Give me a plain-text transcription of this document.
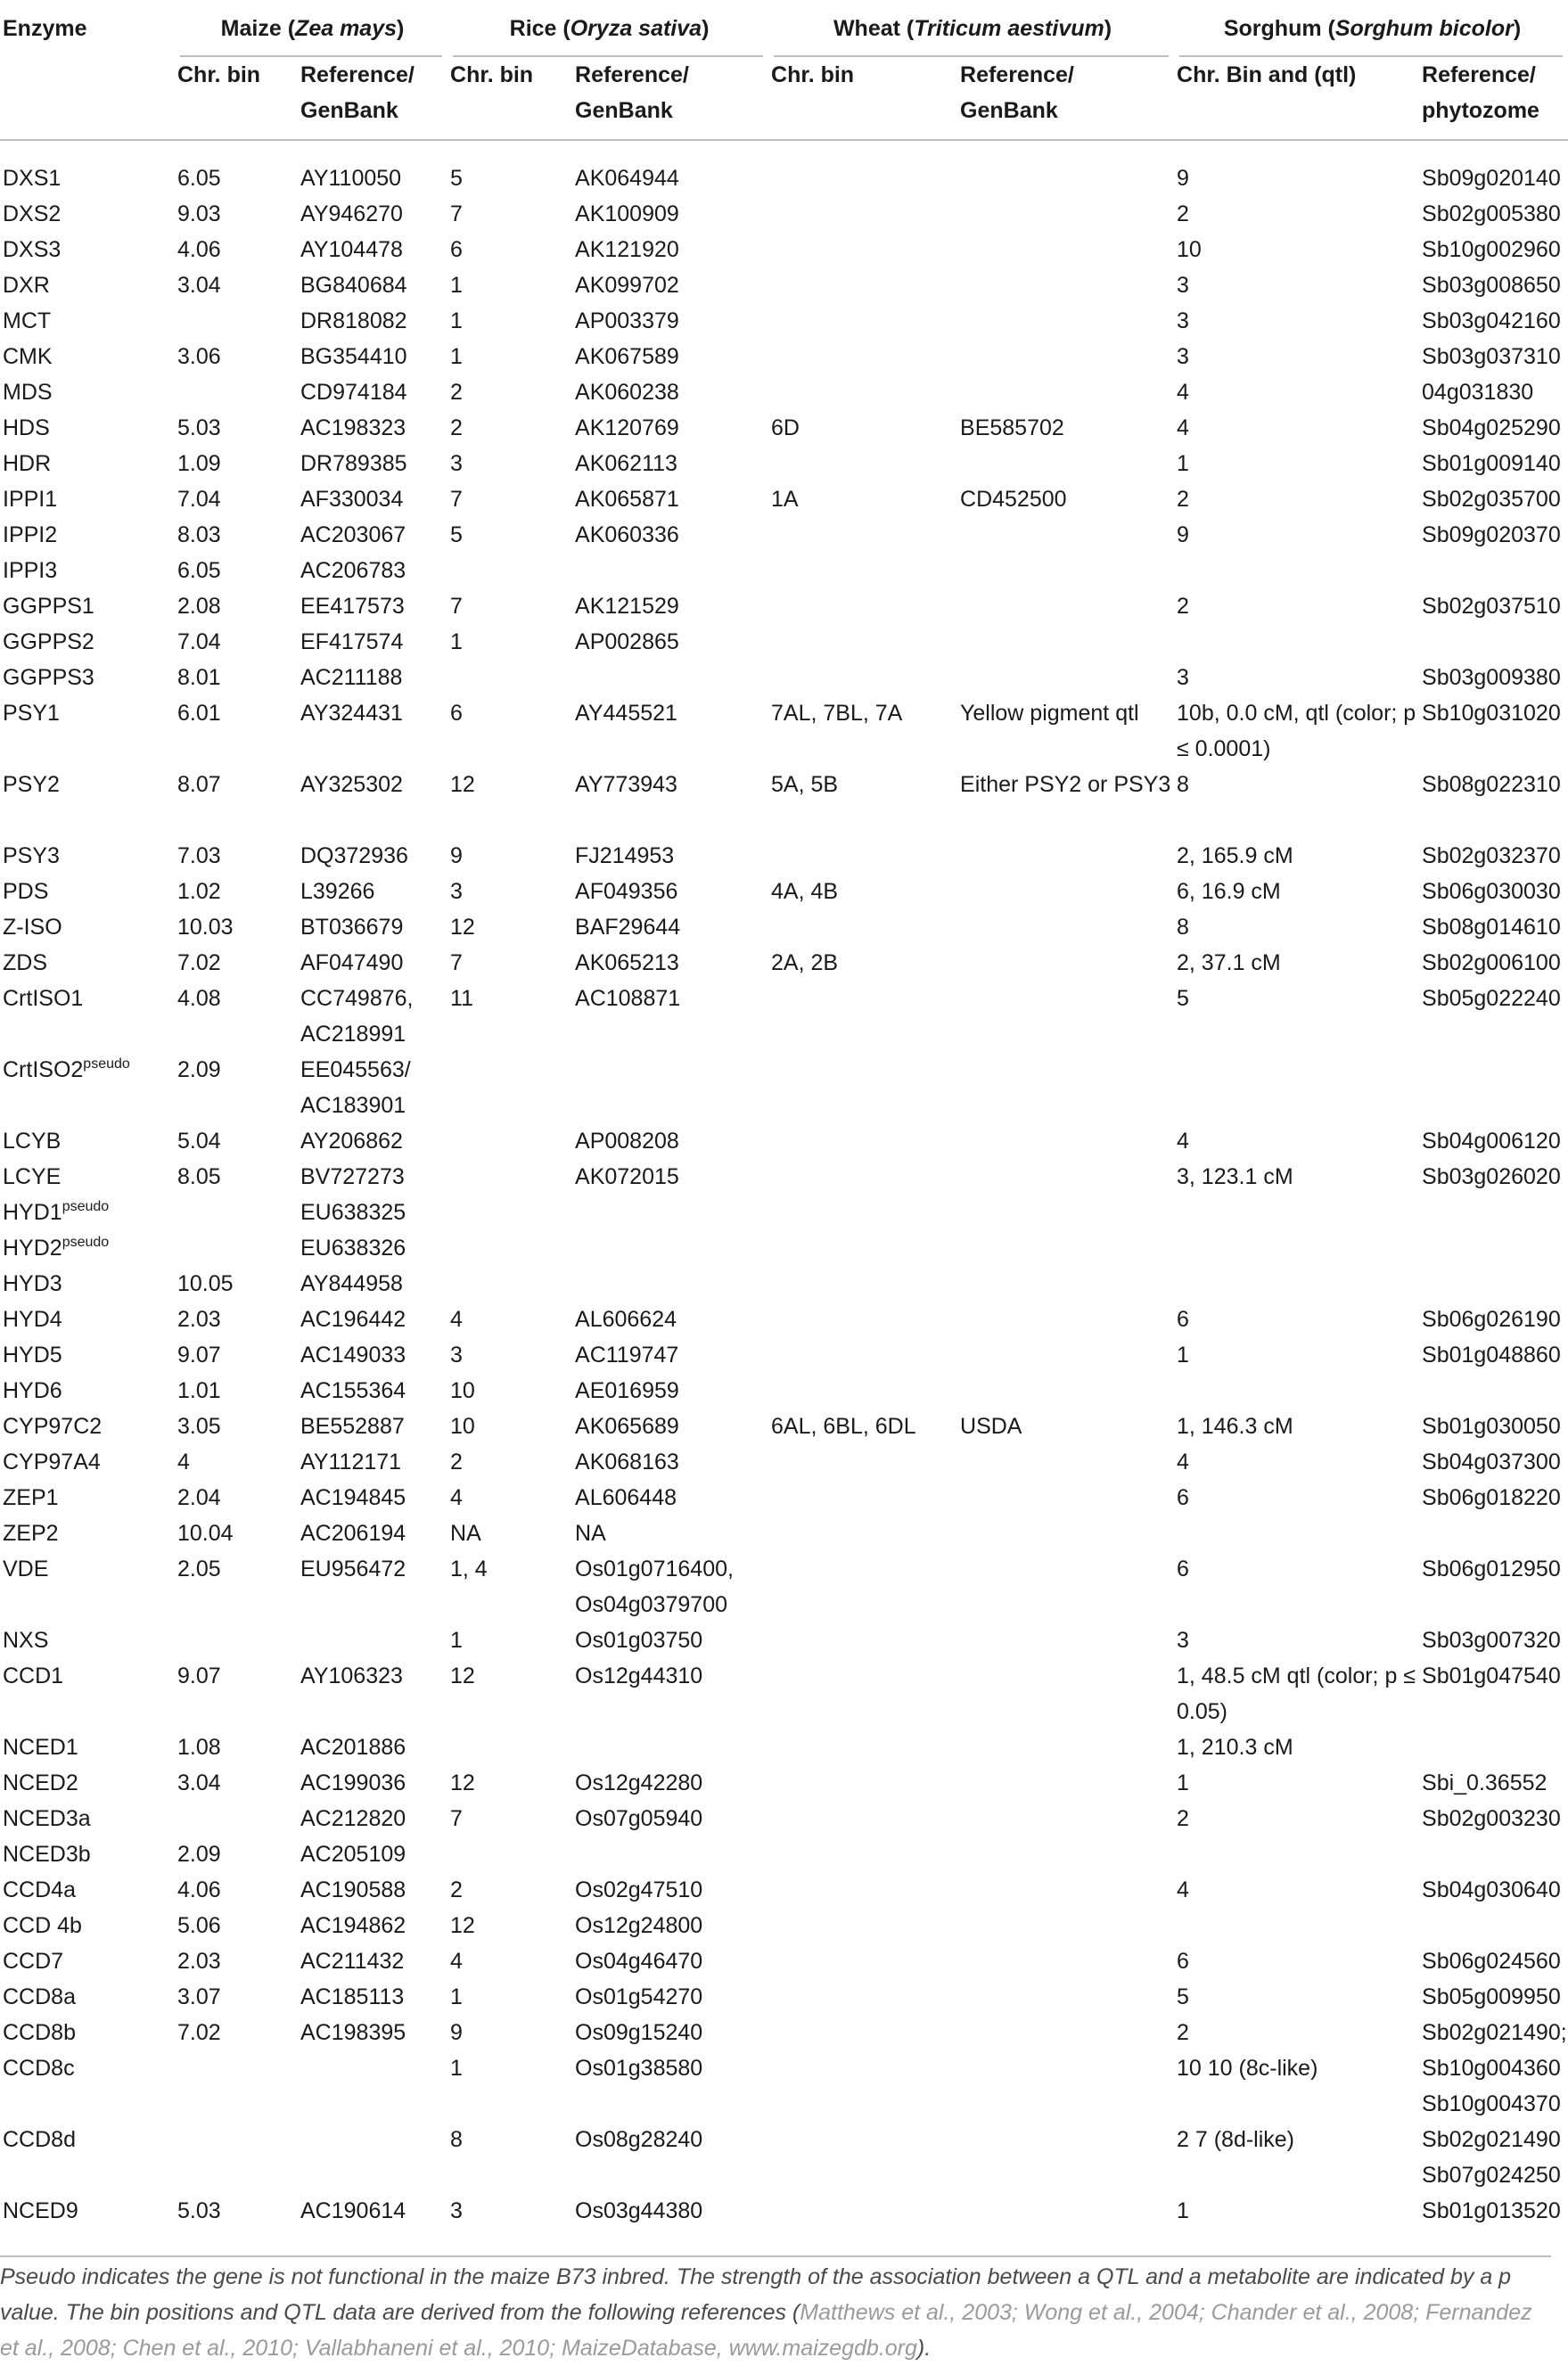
Enzyme	Maize (Zea mays)		Rice (Oryza sativa)		Wheat (Triticum aestivum)		Sorghum (Sorghum bicolor)	

	Chr. bin	Reference/ GenBank	Chr. bin	Reference/ GenBank	Chr. bin	Reference/ GenBank	Chr. Bin and (qtl)	Reference/ phytozome

DXS1	6.05	AY110050	5	AK064944			9	Sb09g020140
DXS2	9.03	AY946270	7	AK100909			2	Sb02g005380
DXS3	4.06	AY104478	6	AK121920			10	Sb10g002960
DXR	3.04	BG840684	1	AK099702			3	Sb03g008650
MCT		DR818082	1	AP003379			3	Sb03g042160
CMK	3.06	BG354410	1	AK067589			3	Sb03g037310
MDS		CD974184	2	AK060238			4	04g031830
HDS	5.03	AC198323	2	AK120769	6D	BE585702	4	Sb04g025290
HDR	1.09	DR789385	3	AK062113			1	Sb01g009140
IPPI1	7.04	AF330034	7	AK065871	1A	CD452500	2	Sb02g035700
IPPI2	8.03	AC203067	5	AK060336			9	Sb09g020370
IPPI3	6.05	AC206783						
GGPPS1	2.08	EE417573	7	AK121529			2	Sb02g037510
GGPPS2	7.04	EF417574	1	AP002865				
GGPPS3	8.01	AC211188					3	Sb03g009380
PSY1	6.01	AY324431	6	AY445521	7AL, 7BL, 7A	Yellow pigment qtl	10b, 0.0 cM, qtl (color; p ≤ 0.0001)	Sb10g031020
PSY2	8.07	AY325302	12	AY773943	5A, 5B	Either PSY2 or PSY3	8	Sb08g022310
PSY3	7.03	DQ372936	9	FJ214953			2, 165.9 cM	Sb02g032370
PDS	1.02	L39266	3	AF049356	4A, 4B		6, 16.9 cM	Sb06g030030
Z-ISO	10.03	BT036679	12	BAF29644			8	Sb08g014610
ZDS	7.02	AF047490	7	AK065213	2A, 2B		2, 37.1 cM	Sb02g006100
CrtISO1	4.08	CC749876, AC218991	11	AC108871			5	Sb05g022240
$CrtISO2^{pseudo}$	2.09	EE045563/ AC183901						
LCYB	5.04	AY206862		AP008208			4	Sb04g006120
LCYE	8.05	BV727273		AK072015			3, 123.1 cM	Sb03g026020
$HYD1^{pseudo}$		EU638325						
$HYD2^{pseudo}$		EU638326						
HYD3	10.05	AY844958						
HYD4	2.03	AC196442	4	AL606624			6	Sb06g026190
HYD5	9.07	AC149033	3	AC119747			1	Sb01g048860
HYD6	1.01	AC155364	10	AE016959				
CYP97C2	3.05	BE552887	10	AK065689	6AL, 6BL, 6DL	USDA	1, 146.3 cM	Sb01g030050
CYP97A4	4	AY112171	2	AK068163			4	Sb04g037300
ZEP1	2.04	AC194845	4	AL606448			6	Sb06g018220
ZEP2	10.04	AC206194	NA	NA				
VDE	2.05	EU956472	1, 4	Os01g0716400, Os04g0379700			6	Sb06g012950
NXS			1	Os01g03750			3	Sb03g007320
CCD1	9.07	AY106323	12	Os12g44310			1, 48.5 cM qtl (color; p ≤ 0.05)	Sb01g047540
NCED1	1.08	AC201886					1, 210.3 cM	
NCED2	3.04	AC199036	12	Os12g42280			1	Sbi_0.36552
NCED3a		AC212820	7	Os07g05940			2	Sb02g003230
NCED3b	2.09	AC205109						
CCD4a	4.06	AC190588	2	Os02g47510			4	Sb04g030640
CCD 4b	5.06	AC194862	12	Os12g24800				
CCD7	2.03	AC211432	4	Os04g46470			6	Sb06g024560
CCD8a	3.07	AC185113	1	Os01g54270			5	Sb05g009950
CCD8b	7.02	AC198395	9	Os09g15240			2	Sb02g021490;
CCD8c			1	Os01g38580			10 10 (8c-like)	Sb10g004360 Sb10g004370
CCD8d			8	Os08g28240			2 7 (8d-like)	Sb02g021490 Sb07g024250
NCED9	5.03	AC190614	3	Os03g44380			1	Sb01g013520
Pseudo indicates the gene is not functional in the maize B73 inbred. The strength of the association between a QTL and a metabolite are indicated by a p value. The bin positions and QTL data are derived from the following references (Matthews et al., 2003; Wong et al., 2004; Chander et al., 2008; Fernandez et al., 2008; Chen et al., 2010; Vallabhaneni et al., 2010; MaizeDatabase, www.maizegdb.org).
